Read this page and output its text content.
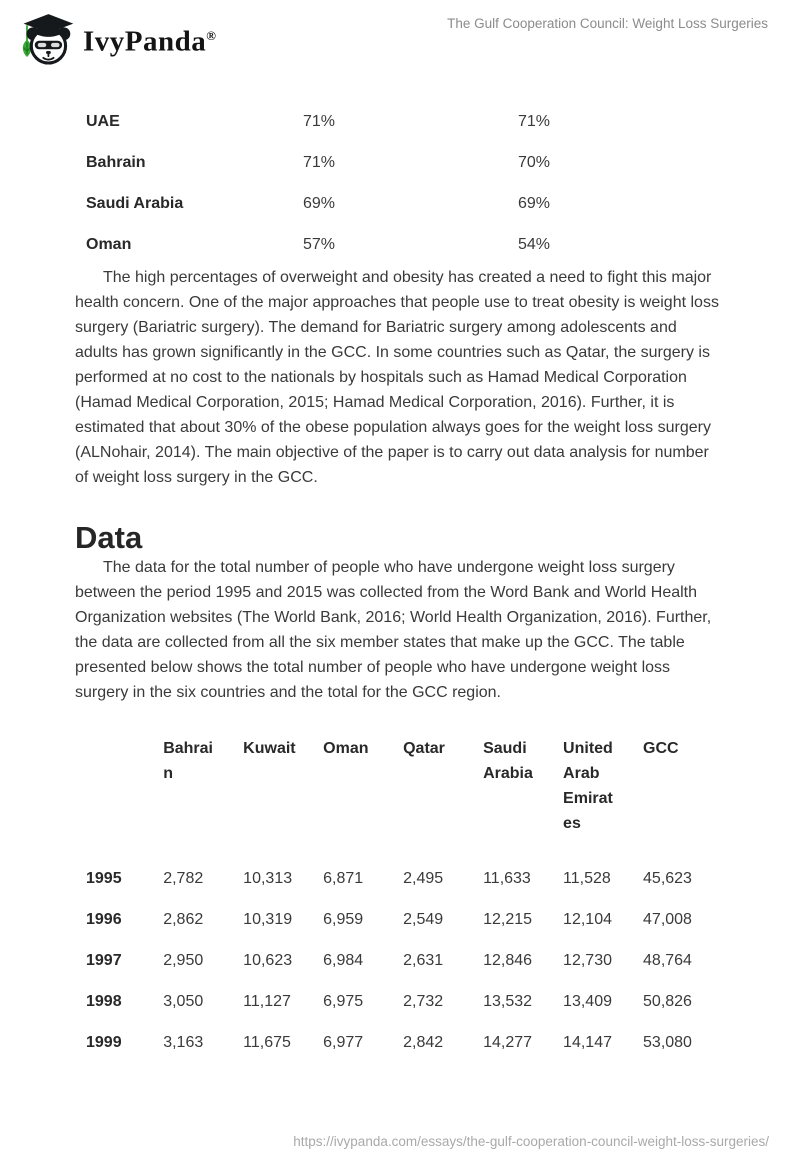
IvyPanda®
The Gulf Cooperation Council: Weight Loss Surgeries
UAE	71%	71%
Bahrain	71%	70%
Saudi Arabia	69%	69%
Oman	57%	54%

The high percentages of overweight and obesity has created a need to fight this major health concern. One of the major approaches that people use to treat obesity is weight loss surgery (Bariatric surgery). The demand for Bariatric surgery among adolescents and adults has grown significantly in the GCC. In some countries such as Qatar, the surgery is performed at no cost to the nationals by hospitals such as Hamad Medical Corporation (Hamad Medical Corporation, 2015; Hamad Medical Corporation, 2016). Further, it is estimated that about 30% of the obese population always goes for the weight loss surgery (ALNohair, 2014). The main objective of the paper is to carry out data analysis for number of weight loss surgery in the GCC.

Data

The data for the total number of people who have undergone weight loss surgery between the period 1995 and 2015 was collected from the Word Bank and World Health Organization websites (The World Bank, 2016; World Health Organization, 2016). Further, the data are collected from all the six member states that make up the GCC. The table presented below shows the total number of people who have undergone weight loss surgery in the six countries and the total for the GCC region.

	Bahrain	Kuwait	Oman	Qatar	Saudi Arabia	United Arab Emirates	GCC

1995	2,782	10,313	6,871	2,495	11,633	11,528	45,623
1996	2,862	10,319	6,959	2,549	12,215	12,104	47,008
1997	2,950	10,623	6,984	2,631	12,846	12,730	48,764
1998	3,050	11,127	6,975	2,732	13,532	13,409	50,826
1999	3,163	11,675	6,977	2,842	14,277	14,147	53,080
https://ivypanda.com/essays/the-gulf-cooperation-council-weight-loss-surgeries/
